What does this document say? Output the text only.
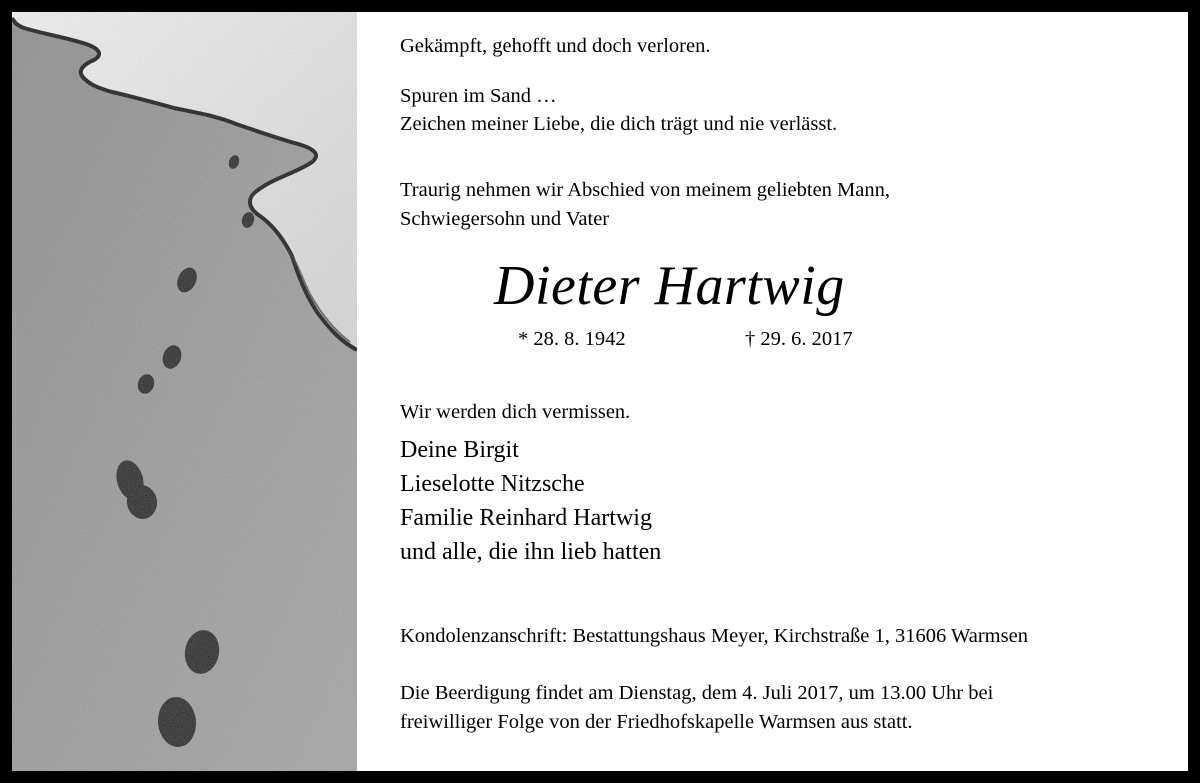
Gekämpft, gehofft und doch verloren.
Spuren im Sand …
Zeichen meiner Liebe, die dich trägt und nie verlässt.
Traurig nehmen wir Abschied von meinem geliebten Mann,
Schwiegersohn und Vater
Dieter Hartwig
* 28. 8. 1942	† 29. 6. 2017
Wir werden dich vermissen.
Deine Birgit
Lieselotte Nitzsche
Familie Reinhard Hartwig
und alle, die ihn lieb hatten
Kondolenzanschrift: Bestattungshaus Meyer, Kirchstraße 1, 31606 Warmsen
Die Beerdigung findet am Dienstag, dem 4. Juli 2017, um 13.00 Uhr bei
freiwilliger Folge von der Friedhofskapelle Warmsen aus statt.
